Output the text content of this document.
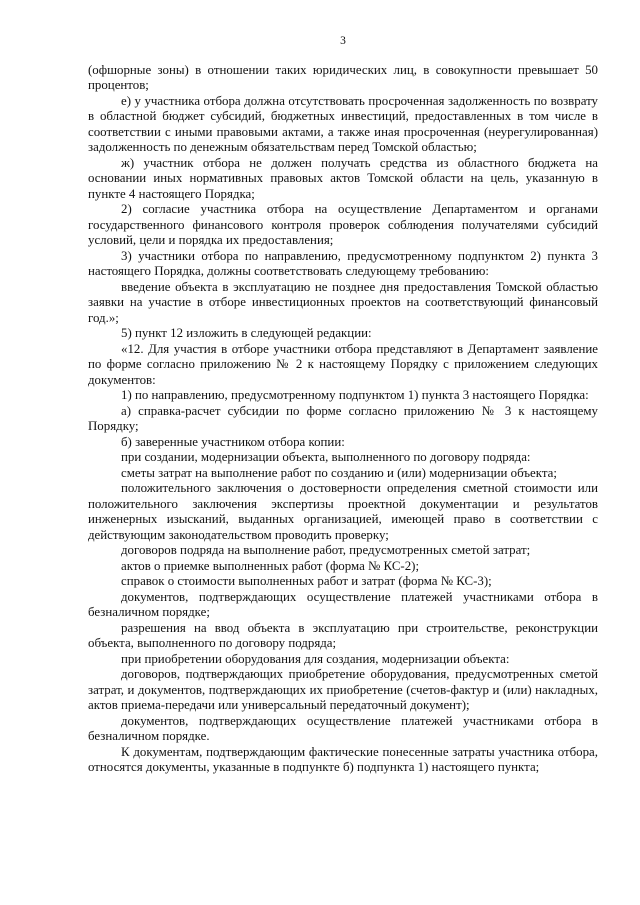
3

(офшорные зоны) в отношении таких юридических лиц, в совокупности превышает 50 процентов;

е) у участника отбора должна отсутствовать просроченная задолженность по возврату в областной бюджет субсидий, бюджетных инвестиций, предоставленных в том числе в соответствии с иными правовыми актами, а также иная просроченная (неурегулированная) задолженность по денежным обязательствам перед Томской областью;

ж) участник отбора не должен получать средства из областного бюджета на основании иных нормативных правовых актов Томской области на цель, указанную в пункте 4 настоящего Порядка;

2) согласие участника отбора на осуществление Департаментом и органами государственного финансового контроля проверок соблюдения получателями субсидий условий, цели и порядка их предоставления;

3) участники отбора по направлению, предусмотренному подпунктом 2) пункта 3 настоящего Порядка, должны соответствовать следующему требованию:

введение объекта в эксплуатацию не позднее дня предоставления Томской областью заявки на участие в отборе инвестиционных проектов на соответствующий финансовый год.»;

5) пункт 12 изложить в следующей редакции:

«12. Для участия в отборе участники отбора представляют в Департамент заявление по форме согласно приложению № 2 к настоящему Порядку с приложением следующих документов:

1) по направлению, предусмотренному подпунктом 1) пункта 3 настоящего Порядка:

а) справка-расчет субсидии по форме согласно приложению № 3 к настоящему Порядку;

б) заверенные участником отбора копии:

при создании, модернизации объекта, выполненного по договору подряда:

сметы затрат на выполнение работ по созданию и (или) модернизации объекта;

положительного заключения о достоверности определения сметной стоимости или положительного заключения экспертизы проектной документации и результатов инженерных изысканий, выданных организацией, имеющей право в соответствии с действующим законодательством проводить проверку;

договоров подряда на выполнение работ, предусмотренных сметой затрат;

актов о приемке выполненных работ (форма № КС-2);

справок о стоимости выполненных работ и затрат (форма № КС-3);

документов, подтверждающих осуществление платежей участниками отбора в безналичном порядке;

разрешения на ввод объекта в эксплуатацию при строительстве, реконструкции объекта, выполненного по договору подряда;

при приобретении оборудования для создания, модернизации объекта:

договоров, подтверждающих приобретение оборудования, предусмотренных сметой затрат, и документов, подтверждающих их приобретение (счетов-фактур и (или) накладных, актов приема-передачи или универсальный передаточный документ);

документов, подтверждающих осуществление платежей участниками отбора в безналичном порядке.

К документам, подтверждающим фактические понесенные затраты участника отбора, относятся документы, указанные в подпункте б) подпункта 1) настоящего пункта;
